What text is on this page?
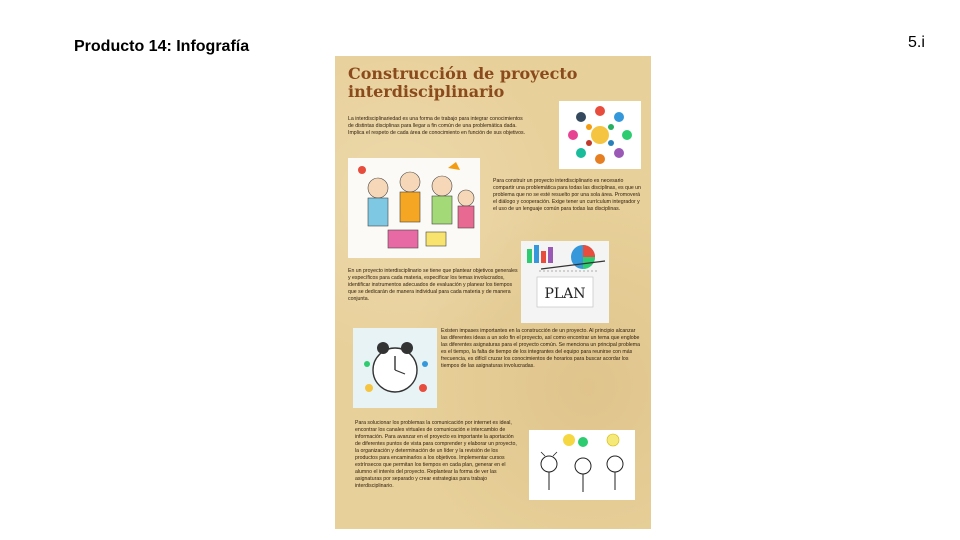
Producto 14: Infografía	5.i
Construcción de proyecto
interdisciplinario
La interdisciplinariedad es una forma de trabajo para integrar conocimientos de distintas disciplinas para llegar a fin común de una problemática dada. Implica el respeto de cada área de conocimiento en función de sus objetivos.
Para construir un proyecto interdisciplinario es necesario compartir una problemática para todas las disciplinas, es que un problema que no se esté resuelto por una sola área. Promoverá el diálogo y cooperación. Exige tener un currículum integrador y el uso de un lenguaje común para todas las disciplinas.
PLAN
En un proyecto interdisciplinario se tiene que plantear objetivos generales y específicos para cada materia, especificar los temas involucrados, identificar instrumentos adecuados de evaluación y planear los tiempos que se dedicarán de manera individual para cada materia y de manera conjunta.
Existen impases importantes en la construcción de un proyecto. Al principio alcanzar las diferentes ideas a un solo fin el proyecto, así como encontrar un tema que englobe las diferentes asignaturas para el proyecto común. Se menciona un principal problema es el tiempo, la falta de tiempo de los integrantes del equipo para reunirse con más frecuencia, es difícil cruzar los conocimientos de horarios para buscar acordar los tiempos de las asignaturas involucradas.
Para solucionar los problemas la comunicación por internet es ideal, encontrar los canales virtuales de comunicación e intercambio de información. Para avanzar en el proyecto es importante la aportación de diferentes puntos de vista para comprender y elaborar un proyecto, la organización y determinación de un líder y la revisión de los productos para encaminarlos a los objetivos. Implementar cursos extrínsecos que permitan los tiempos en cada plan, generar en el alumno el interés del proyecto. Replantear la forma de ver las asignaturas por separado y crear estrategias para trabajo interdisciplinario.
